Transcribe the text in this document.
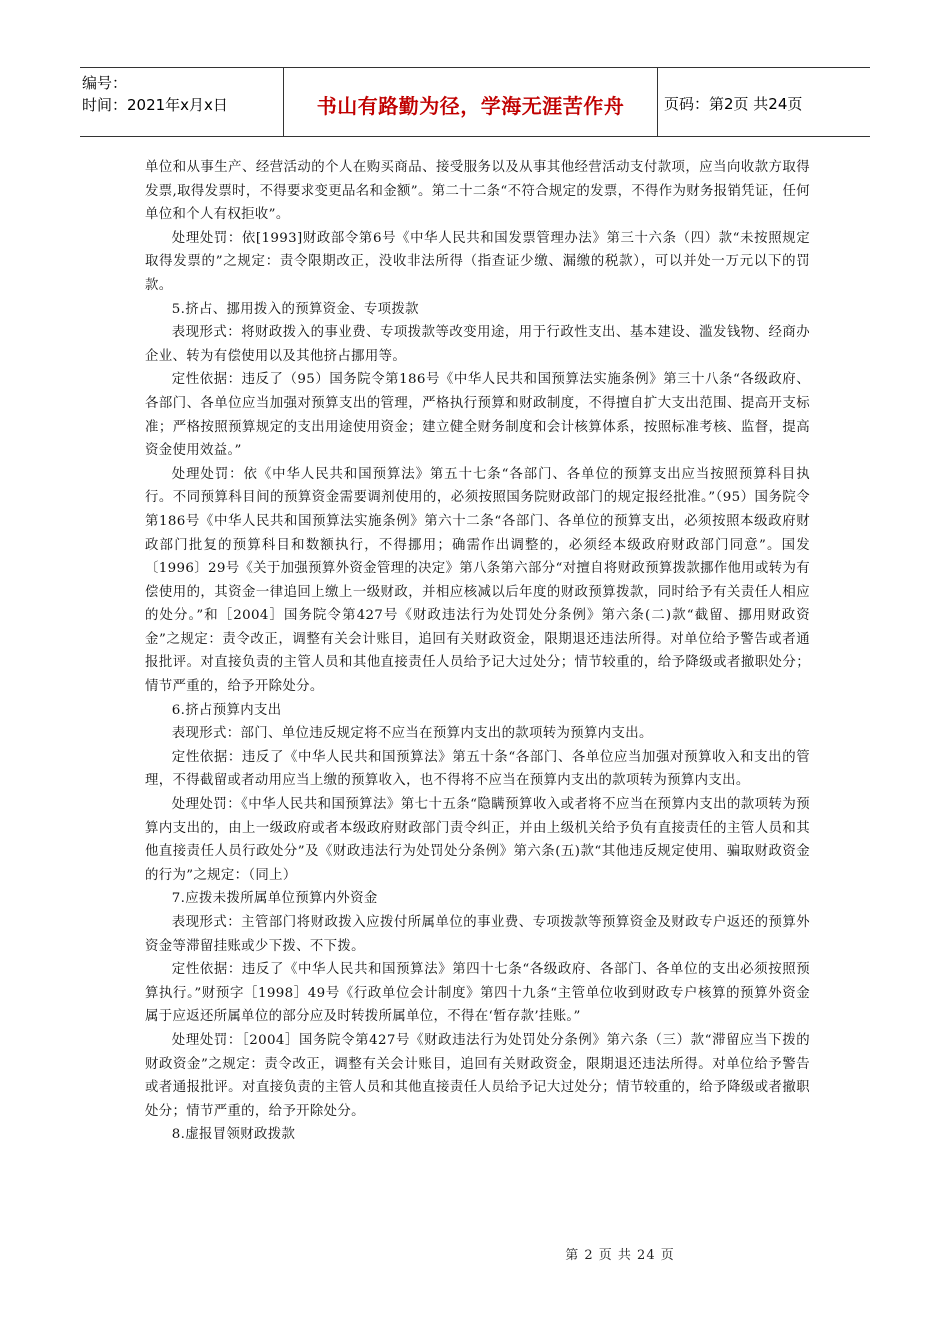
编号：
时间：2021年x月x日	书山有路勤为径，学海无涯苦作舟	页码：第2页 共24页

单位和从事生产、经营活动的个人在购买商品、接受服务以及从事其他经营活动支付款项，应当向收款方取得发票,取得发票时，不得要求变更品名和金额”。第二十二条“不符合规定的发票，不得作为财务报销凭证，任何单位和个人有权拒收”。

处理处罚：依[1993]财政部令第6号《中华人民共和国发票管理办法》第三十六条（四）款“未按照规定取得发票的”之规定：责令限期改正，没收非法所得（指查证少缴、漏缴的税款），可以并处一万元以下的罚款。

5.挤占、挪用拨入的预算资金、专项拨款

表现形式：将财政拨入的事业费、专项拨款等改变用途，用于行政性支出、基本建设、滥发钱物、经商办企业、转为有偿使用以及其他挤占挪用等。

定性依据：违反了（95）国务院令第186号《中华人民共和国预算法实施条例》第三十八条“各级政府、各部门、各单位应当加强对预算支出的管理，严格执行预算和财政制度，不得擅自扩大支出范围、提高开支标准；严格按照预算规定的支出用途使用资金；建立健全财务制度和会计核算体系，按照标准考核、监督，提高资金使用效益。”

处理处罚：依《中华人民共和国预算法》第五十七条“各部门、各单位的预算支出应当按照预算科目执行。不同预算科目间的预算资金需要调剂使用的，必须按照国务院财政部门的规定报经批准。”（95）国务院令第186号《中华人民共和国预算法实施条例》第六十二条“各部门、各单位的预算支出，必须按照本级政府财政部门批复的预算科目和数额执行，不得挪用；确需作出调整的，必须经本级政府财政部门同意”。国发〔1996〕29号《关于加强预算外资金管理的决定》第八条第六部分“对擅自将财政预算拨款挪作他用或转为有偿使用的，其资金一律追回上缴上一级财政，并相应核减以后年度的财政预算拨款，同时给予有关责任人相应的处分。”和［2004］国务院令第427号《财政违法行为处罚处分条例》第六条(二)款“截留、挪用财政资金”之规定：责令改正，调整有关会计账目，追回有关财政资金，限期退还违法所得。对单位给予警告或者通报批评。对直接负责的主管人员和其他直接责任人员给予记大过处分；情节较重的，给予降级或者撤职处分；情节严重的，给予开除处分。

6.挤占预算内支出

表现形式：部门、单位违反规定将不应当在预算内支出的款项转为预算内支出。

定性依据：违反了《中华人民共和国预算法》第五十条“各部门、各单位应当加强对预算收入和支出的管理，不得截留或者动用应当上缴的预算收入，也不得将不应当在预算内支出的款项转为预算内支出。

处理处罚：《中华人民共和国预算法》第七十五条“隐瞒预算收入或者将不应当在预算内支出的款项转为预算内支出的，由上一级政府或者本级政府财政部门责令纠正，并由上级机关给予负有直接责任的主管人员和其他直接责任人员行政处分”及《财政违法行为处罚处分条例》第六条(五)款“其他违反规定使用、骗取财政资金的行为”之规定：（同上）

7.应拨未拨所属单位预算内外资金

表现形式：主管部门将财政拨入应拨付所属单位的事业费、专项拨款等预算资金及财政专户返还的预算外资金等滞留挂账或少下拨、不下拨。

定性依据：违反了《中华人民共和国预算法》第四十七条“各级政府、各部门、各单位的支出必须按照预算执行。”财预字［1998］49号《行政单位会计制度》第四十九条“主管单位收到财政专户核算的预算外资金属于应返还所属单位的部分应及时转拨所属单位，不得在‘暂存款’挂账。”

处理处罚：［2004］国务院令第427号《财政违法行为处罚处分条例》第六条（三）款“滞留应当下拨的财政资金”之规定：责令改正，调整有关会计账目，追回有关财政资金，限期退还违法所得。对单位给予警告或者通报批评。对直接负责的主管人员和其他直接责任人员给予记大过处分；情节较重的，给予降级或者撤职处分；情节严重的，给予开除处分。

8.虚报冒领财政拨款

第 2 页 共 24 页
